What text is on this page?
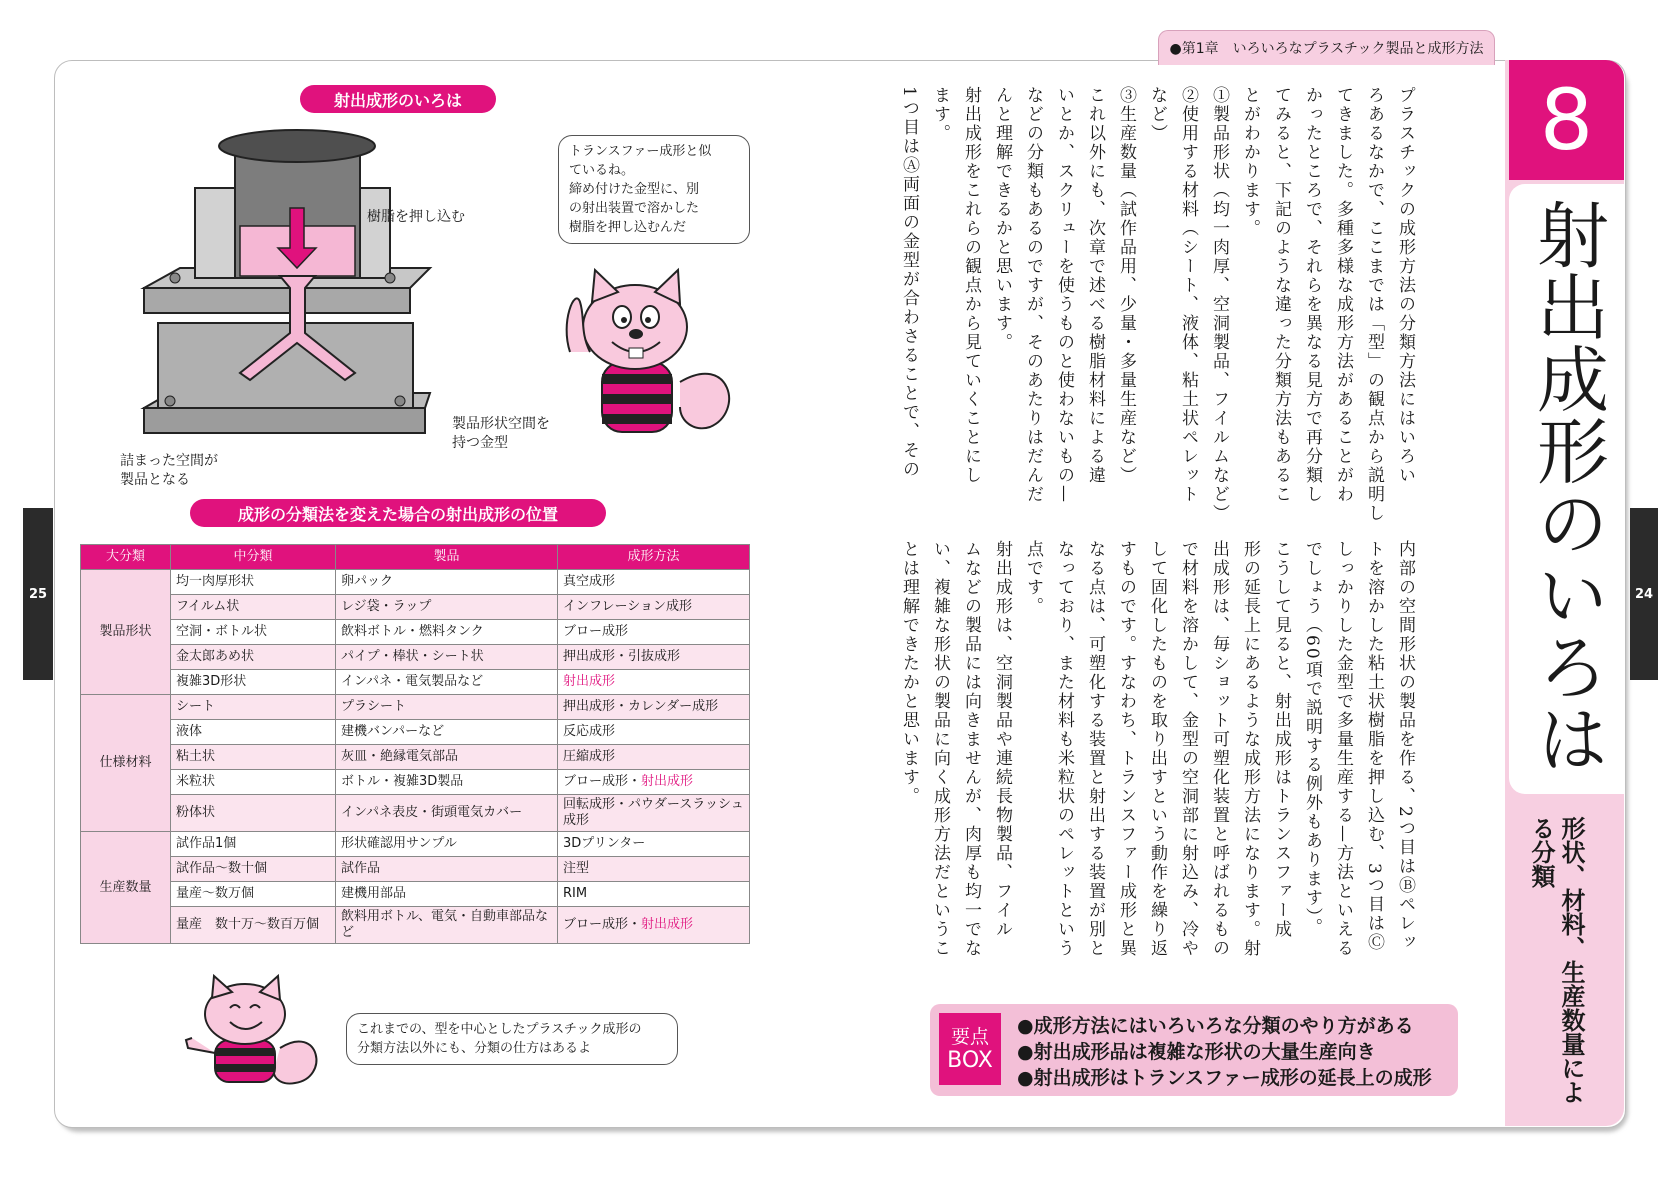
25	24
●第1章　いろいろなプラスチック製品と成形方法
8
射出成形のいろは
形状、材料、生産数量による分類
プラスチックの成形方法の分類方法にはいろい
ろあるなかで、ここまでは「型」の観点から説明し
てきました。多種多様な成形方法があることがわ
かったところで、それらを異なる見方で再分類し
てみると、下記のような違った分類方法もあるこ
とがわかります。
①製品形状（均一肉厚、空洞製品、フイルムなど）
②使用する材料（シート、液体、粘土状ペレット
など）
③生産数量（試作品用、少量・多量生産など）
これ以外にも、次章で述べる樹脂材料による違
いとか、スクリューを使うものと使わないもの—
などの分類もあるのですが、そのあたりはだんだ
んと理解できるかと思います。
射出成形をこれらの観点から見ていくことにし
ます。
1つ目はⒶ両面の金型が合わさることで、その
内部の空間形状の製品を作る、2つ目はⒷペレッ
トを溶かした粘土状樹脂を押し込む、3つ目はⒸ
しっかりした金型で多量生産する—方法といえる
でしょう（60項で説明する例外もあります）。
こうして見ると、射出成形はトランスファー成
形の延長上にあるような成形方法になります。射
出成形は、毎ショット可塑化装置と呼ばれるもの
で材料を溶かして、金型の空洞部に射込み、冷や
して固化したものを取り出すという動作を繰り返
すものです。すなわち、トランスファー成形と異
なる点は、可塑化する装置と射出する装置が別と
なっており、また材料も米粒状のペレットという
点です。
射出成形は、空洞製品や連続長物製品、フイル
ムなどの製品には向きませんが、肉厚も均一でな
い、複雑な形状の製品に向く成形方法だというこ
とは理解できたかと思います。
要点
BOX
●成形方法にはいろいろな分類のやり方がある
●射出成形品は複雑な形状の大量生産向き
●射出成形はトランスファー成形の延長上の成形
射出成形のいろは
樹脂を押し込む
製品形状空間を
持つ金型
詰まった空間が
製品となる
トランスファー成形と似
ているね。
締め付けた金型に、別
の射出装置で溶かした
樹脂を押し込むんだ
成形の分類法を変えた場合の射出成形の位置
大分類	中分類	製品	成形方法
製品形状	均一肉厚形状	卵パック	真空成形
	フイルム状	レジ袋・ラップ	インフレーション成形
	空洞・ボトル状	飲料ボトル・燃料タンク	ブロー成形
	金太郎あめ状	パイプ・棒状・シート状	押出成形・引抜成形
	複雑3D形状	インパネ・電気製品など	射出成形
仕様材料	シート	プラシート	押出成形・カレンダー成形
	液体	建機バンパーなど	反応成形
	粘土状	灰皿・絶縁電気部品	圧縮成形
	米粒状	ボトル・複雑3D製品	ブロー成形・射出成形
	粉体状	インパネ表皮・街頭電気カバー	回転成形・パウダースラッシュ成形
生産数量	試作品1個	形状確認用サンプル	3Dプリンター
	試作品〜数十個	試作品	注型
	量産〜数万個	建機用部品	RIM
	量産　数十万〜数百万個	飲料用ボトル、電気・自動車部品など	ブロー成形・射出成形
これまでの、型を中心としたプラスチック成形の
分類方法以外にも、分類の仕方はあるよ
